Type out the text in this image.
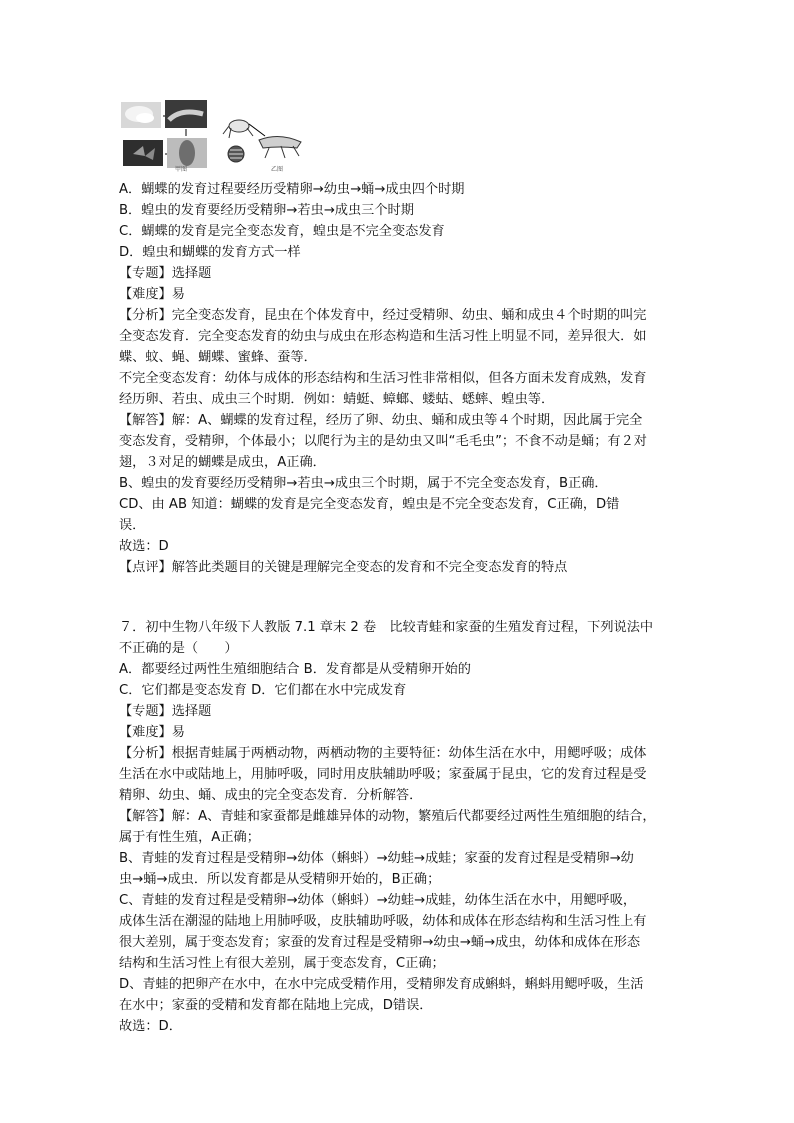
甲图	乙图
A．蝴蝶的发育过程要经历受精卵→幼虫→蛹→成虫四个时期
B．蝗虫的发育要经历受精卵→若虫→成虫三个时期
C．蝴蝶的发育是完全变态发育，蝗虫是不完全变态发育
D．蝗虫和蝴蝶的发育方式一样
【专题】选择题
【难度】易
【分析】完全变态发育，昆虫在个体发育中，经过受精卵、幼虫、蛹和成虫４个时期的叫完
全变态发育．完全变态发育的幼虫与成虫在形态构造和生活习性上明显不同，差异很大．如
蝶、蚊、蝇、蝴蝶、蜜蜂、蚕等．
不完全变态发育：幼体与成体的形态结构和生活习性非常相似，但各方面未发育成熟，发育
经历卵、若虫、成虫三个时期．例如：蜻蜓、蟑螂、蝼蛄、蟋蟀、蝗虫等．
【解答】解：A、蝴蝶的发育过程，经历了卵、幼虫、蛹和成虫等４个时期，因此属于完全
变态发育，受精卵，个体最小；以爬行为主的是幼虫又叫“毛毛虫”；不食不动是蛹；有２对
翅，３对足的蝴蝶是成虫，A正确．
B、蝗虫的发育要经历受精卵→若虫→成虫三个时期，属于不完全变态发育，B正确．
CD、由 AB 知道：蝴蝶的发育是完全变态发育，蝗虫是不完全变态发育，C正确，D错
误．
故选：D
【点评】解答此类题目的关键是理解完全变态的发育和不完全变态发育的特点
７．初中生物八年级下人教版 7.1 章末 2 卷　比较青蛙和家蚕的生殖发育过程，下列说法中
不正确的是（　　）
A．都要经过两性生殖细胞结合 B．发育都是从受精卵开始的
C．它们都是变态发育 D．它们都在水中完成发育
【专题】选择题
【难度】易
【分析】根据青蛙属于两栖动物，两栖动物的主要特征：幼体生活在水中，用鳃呼吸；成体
生活在水中或陆地上，用肺呼吸，同时用皮肤辅助呼吸；家蚕属于昆虫，它的发育过程是受
精卵、幼虫、蛹、成虫的完全变态发育．分析解答．
【解答】解：A、青蛙和家蚕都是雌雄异体的动物，繁殖后代都要经过两性生殖细胞的结合，
属于有性生殖，A正确；
B、青蛙的发育过程是受精卵→幼体（蝌蚪）→幼蛙→成蛙；家蚕的发育过程是受精卵→幼
虫→蛹→成虫．所以发育都是从受精卵开始的，B正确；
C、青蛙的发育过程是受精卵→幼体（蝌蚪）→幼蛙→成蛙，幼体生活在水中，用鳃呼吸，
成体生活在潮湿的陆地上用肺呼吸，皮肤辅助呼吸，幼体和成体在形态结构和生活习性上有
很大差别，属于变态发育；家蚕的发育过程是受精卵→幼虫→蛹→成虫，幼体和成体在形态
结构和生活习性上有很大差别，属于变态发育，C正确；
D、青蛙的把卵产在水中，在水中完成受精作用，受精卵发育成蝌蚪，蝌蚪用鳃呼吸，生活
在水中；家蚕的受精和发育都在陆地上完成，D错误．
故选：D．
